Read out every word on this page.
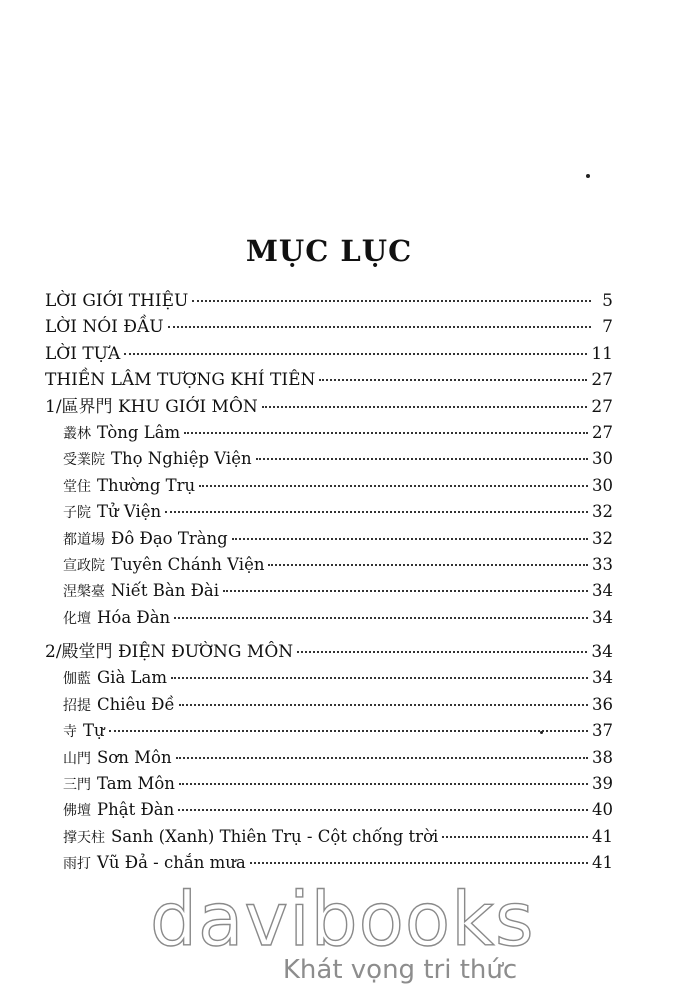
MỤC LỤC
LỜI GIỚI THIỆU	5
LỜI NÓI ĐẦU	7
LỜI TỰA	11
THIỀN LÂM TƯỢNG KHÍ TIÊN	27
1/區界門 KHU GIỚI MÔN	27
叢林 Tòng Lâm	27
受業院 Thọ Nghiệp Viện	30
堂住 Thường Trụ	30
子院 Tử Viện	32
都道場 Đô Đạo Tràng	32
宣政院 Tuyên Chánh Viện	33
涅槃臺 Niết Bàn Đài	34
化壇 Hóa Đàn	34
2/殿堂門 ĐIỆN ĐƯỜNG MÔN	34
伽藍 Già Lam	34
招提 Chiêu Đề	36
寺 Tự	37
山門 Sơn Môn	38
三門 Tam Môn	39
佛壇 Phật Đàn	40
撑天柱 Sanh (Xanh) Thiên Trụ - Cột chống trời	41
雨打 Vũ Đả - chắn mưa	41
davibooks
Khát vọng tri thức
